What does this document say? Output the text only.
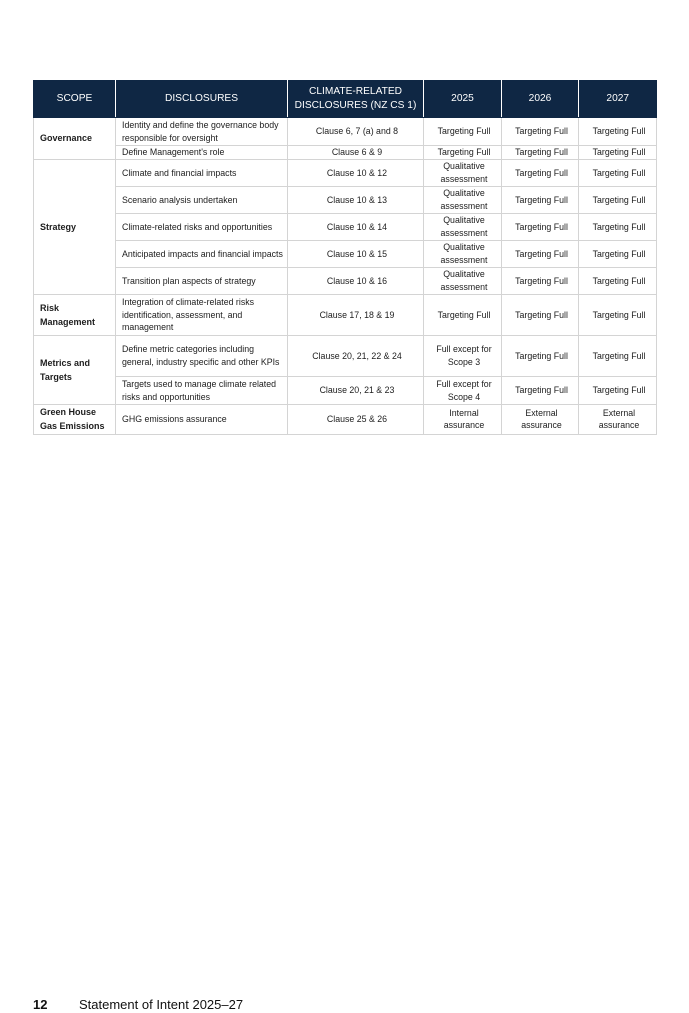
SCOPE	DISCLOSURES	CLIMATE-RELATED DISCLOSURES (NZ CS 1)	2025	2026	2027
Governance	Identity and define the governance body responsible for oversight	Clause 6, 7 (a) and 8	Targeting Full	Targeting Full	Targeting Full
	Define Management's role	Clause 6 & 9	Targeting Full	Targeting Full	Targeting Full
Strategy	Climate and financial impacts	Clause 10 & 12	Qualitative assessment	Targeting Full	Targeting Full
	Scenario analysis undertaken	Clause 10 & 13	Qualitative assessment	Targeting Full	Targeting Full
	Climate-related risks and opportunities	Clause 10 & 14	Qualitative assessment	Targeting Full	Targeting Full
	Anticipated impacts and financial impacts	Clause 10 & 15	Qualitative assessment	Targeting Full	Targeting Full
	Transition plan aspects of strategy	Clause 10 & 16	Qualitative assessment	Targeting Full	Targeting Full
Risk Management	Integration of climate-related risks identification, assessment, and management	Clause 17, 18 & 19	Targeting Full	Targeting Full	Targeting Full
Metrics and Targets	Define metric categories including general, industry specific and other KPIs	Clause 20, 21, 22 & 24	Full except for Scope 3	Targeting Full	Targeting Full
	Targets used to manage climate related risks and opportunities	Clause 20, 21 & 23	Full except for Scope 4	Targeting Full	Targeting Full
Green House Gas Emissions	GHG emissions assurance	Clause 25 & 26	Internal assurance	External assurance	External assurance
12 Statement of Intent 2025–27
